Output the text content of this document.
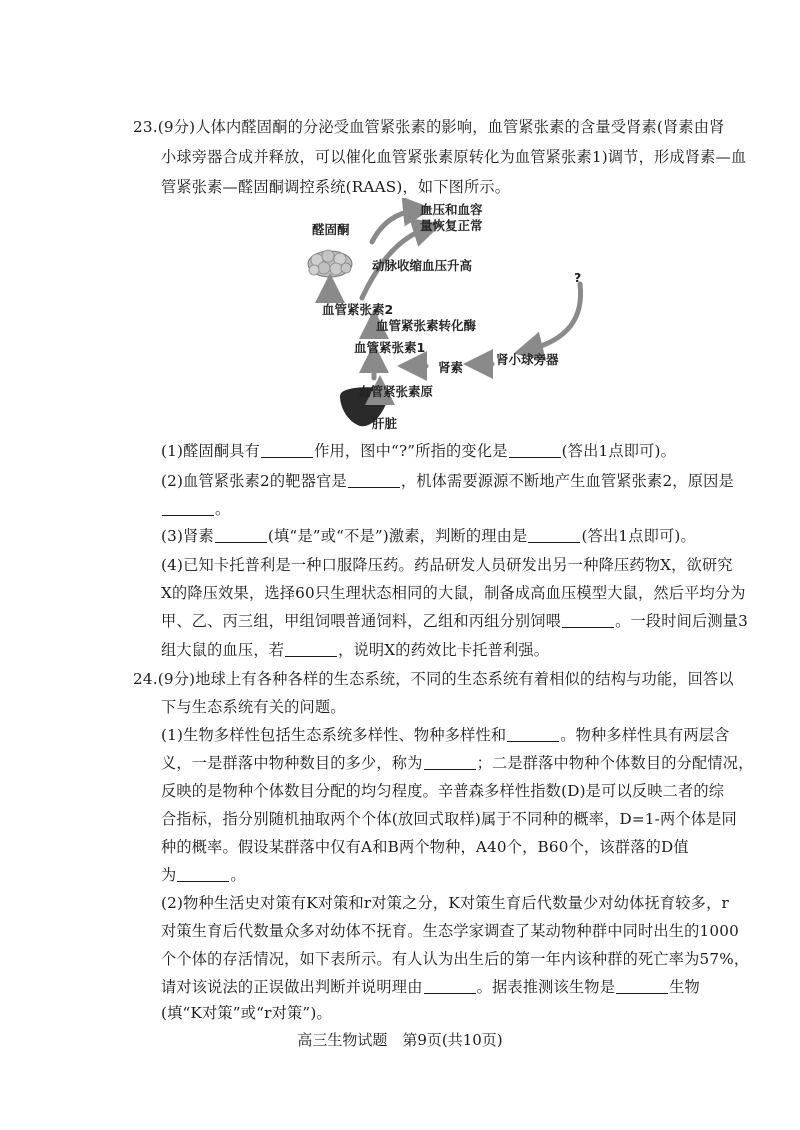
23.(9分)人体内醛固酮的分泌受血管紧张素的影响，血管紧张素的含量受肾素(肾素由肾
小球旁器合成并释放，可以催化血管紧张素原转化为血管紧张素1)调节，形成肾素—血
管紧张素—醛固酮调控系统(RAAS)，如下图所示。
醛固酮
血压和血容
量恢复正常
动脉收缩血压升高
?
血管紧张素2
血管紧张素转化酶
血管紧张素1
肾小球旁器
肾素
血管紧张素原
肝脏
(1)醛固酮具有	作用，图中“?”所指的变化是	(答出1点即可)。
(2)血管紧张素2的靶器官是	，机体需要源源不断地产生血管紧张素2，原因是
。
(3)肾素	(填“是”或“不是”)激素，判断的理由是	(答出1点即可)。
(4)已知卡托普利是一种口服降压药。药品研发人员研发出另一种降压药物X，欲研究
X的降压效果，选择60只生理状态相同的大鼠，制备成高血压模型大鼠，然后平均分为
甲、乙、丙三组，甲组饲喂普通饲料，乙组和丙组分别饲喂	。一段时间后测量3
组大鼠的血压，若	，说明X的药效比卡托普利强。
24.(9分)地球上有各种各样的生态系统，不同的生态系统有着相似的结构与功能，回答以
下与生态系统有关的问题。
(1)生物多样性包括生态系统多样性、物种多样性和	。物种多样性具有两层含
义，一是群落中物种数目的多少，称为	；二是群落中物种个体数目的分配情况，
反映的是物种个体数目分配的均匀程度。辛普森多样性指数(D)是可以反映二者的综
合指标，指分别随机抽取两个个体(放回式取样)属于不同种的概率，D=1-两个体是同
种的概率。假设某群落中仅有A和B两个物种，A40个，B60个，该群落的D值
为	。
(2)物种生活史对策有K对策和r对策之分，K对策生育后代数量少对幼体抚育较多，r
对策生育后代数量众多对幼体不抚育。生态学家调查了某动物种群中同时出生的1000
个个体的存活情况，如下表所示。有人认为出生后的第一年内该种群的死亡率为57%，
请对该说法的正误做出判断并说明理由	。据表推测该生物是	生物
(填“K对策”或“r对策”)。
高三生物试题　第9页(共10页)
